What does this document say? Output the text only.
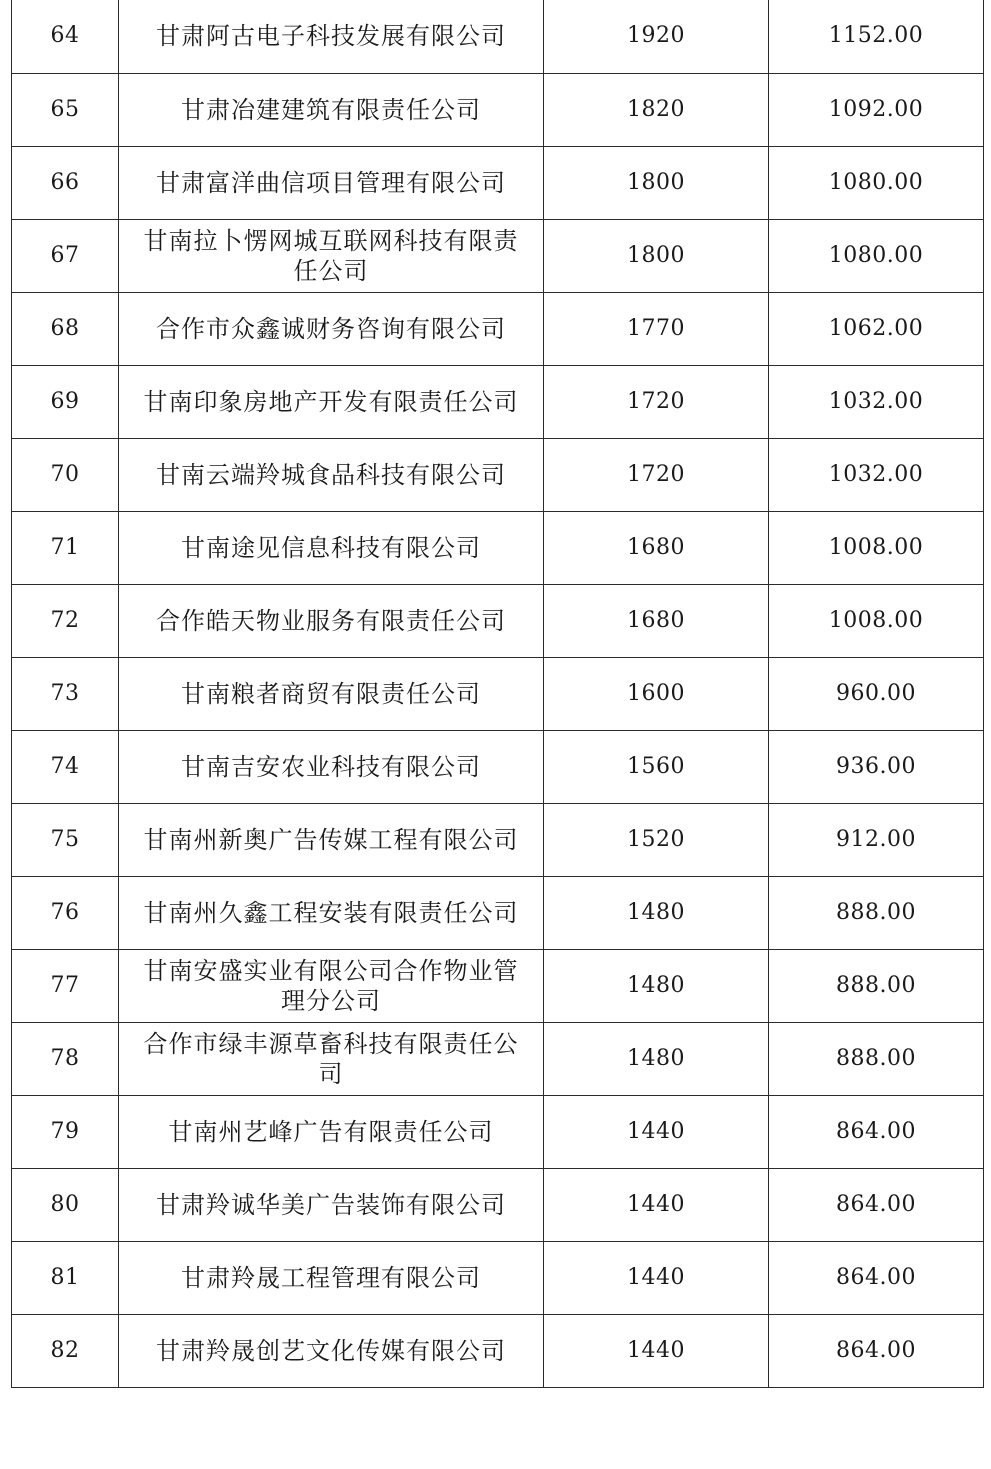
64	甘肃阿古电子科技发展有限公司	1920	1152.00
65	甘肃冶建建筑有限责任公司	1820	1092.00
66	甘肃富洋曲信项目管理有限公司	1800	1080.00
67	甘南拉卜愣网城互联网科技有限责任公司	1800	1080.00
68	合作市众鑫诚财务咨询有限公司	1770	1062.00
69	甘南印象房地产开发有限责任公司	1720	1032.00
70	甘南云端羚城食品科技有限公司	1720	1032.00
71	甘南途见信息科技有限公司	1680	1008.00
72	合作皓天物业服务有限责任公司	1680	1008.00
73	甘南粮者商贸有限责任公司	1600	960.00
74	甘南吉安农业科技有限公司	1560	936.00
75	甘南州新奥广告传媒工程有限公司	1520	912.00
76	甘南州久鑫工程安装有限责任公司	1480	888.00
77	甘南安盛实业有限公司合作物业管理分公司	1480	888.00
78	合作市绿丰源草畜科技有限责任公司	1480	888.00
79	甘南州艺峰广告有限责任公司	1440	864.00
80	甘肃羚诚华美广告装饰有限公司	1440	864.00
81	甘肃羚晟工程管理有限公司	1440	864.00
82	甘肃羚晟创艺文化传媒有限公司	1440	864.00
